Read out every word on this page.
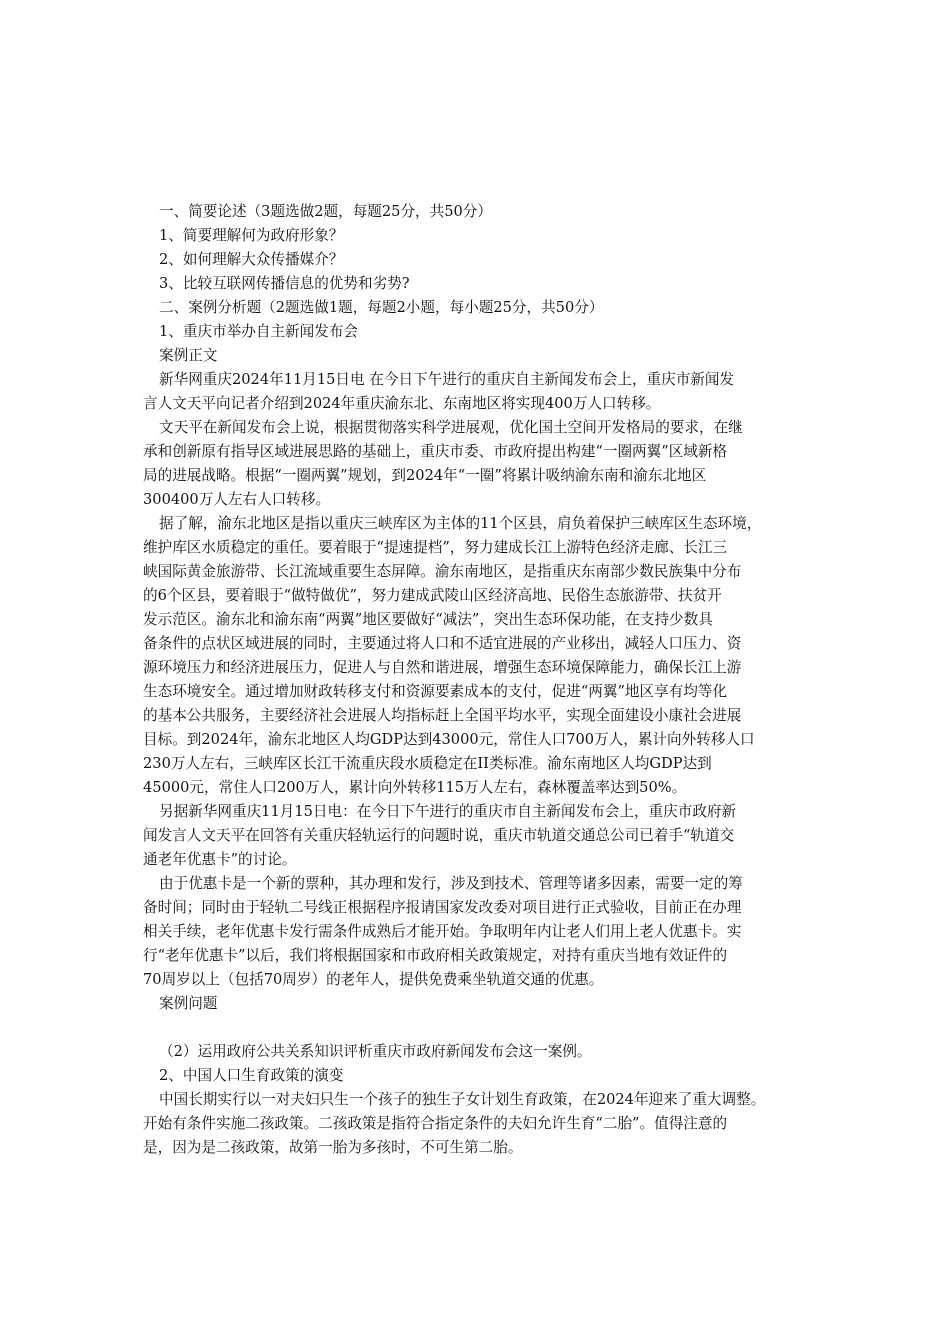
一、简要论述（3题选做2题，每题25分，共50分）
1、简要理解何为政府形象？
2、如何理解大众传播媒介？
3、比较互联网传播信息的优势和劣势?
二、案例分析题（2题选做1题，每题2小题，每小题25分，共50分）
1、重庆市举办自主新闻发布会
案例正文
新华网重庆2024年11月15日电 在今日下午进行的重庆自主新闻发布会上，重庆市新闻发
言人文天平向记者介绍到2024年重庆渝东北、东南地区将实现400万人口转移。
文天平在新闻发布会上说，根据贯彻落实科学进展观，优化国土空间开发格局的要求，在继
承和创新原有指导区域进展思路的基础上，重庆市委、市政府提出构建“一圈两翼”区域新格
局的进展战略。根据“一圈两翼”规划，到2024年“一圈”将累计吸纳渝东南和渝东北地区
300400万人左右人口转移。
据了解，渝东北地区是指以重庆三峡库区为主体的11个区县，肩负着保护三峡库区生态环境，
维护库区水质稳定的重任。要着眼于“提速提档”，努力建成长江上游特色经济走廊、长江三
峡国际黄金旅游带、长江流域重要生态屏障。渝东南地区，是指重庆东南部少数民族集中分布
的6个区县，要着眼于“做特做优”，努力建成武陵山区经济高地、民俗生态旅游带、扶贫开
发示范区。渝东北和渝东南“两翼”地区要做好“减法”，突出生态环保功能，在支持少数具
备条件的点状区域进展的同时，主要通过将人口和不适宜进展的产业移出，减轻人口压力、资
源环境压力和经济进展压力，促进人与自然和谐进展，增强生态环境保障能力，确保长江上游
生态环境安全。通过增加财政转移支付和资源要素成本的支付，促进“两翼”地区享有均等化
的基本公共服务，主要经济社会进展人均指标赶上全国平均水平，实现全面建设小康社会进展
目标。到2024年，渝东北地区人均GDP达到43000元，常住人口700万人，累计向外转移人口
230万人左右，三峡库区长江干流重庆段水质稳定在II类标准。渝东南地区人均GDP达到
45000元，常住人口200万人，累计向外转移115万人左右，森林覆盖率达到50%。
另据新华网重庆11月15日电：在今日下午进行的重庆市自主新闻发布会上，重庆市政府新
闻发言人文天平在回答有关重庆轻轨运行的问题时说，重庆市轨道交通总公司已着手“轨道交
通老年优惠卡”的讨论。
由于优惠卡是一个新的票种，其办理和发行，涉及到技术、管理等诸多因素，需要一定的筹
备时间；同时由于轻轨二号线正根据程序报请国家发改委对项目进行正式验收，目前正在办理
相关手续，老年优惠卡发行需条件成熟后才能开始。争取明年内让老人们用上老人优惠卡。实
行“老年优惠卡”以后，我们将根据国家和市政府相关政策规定，对持有重庆当地有效证件的
70周岁以上（包括70周岁）的老年人，提供免费乘坐轨道交通的优惠。
案例问题
（2）运用政府公共关系知识评析重庆市政府新闻发布会这一案例。
2、中国人口生育政策的演变
中国长期实行以一对夫妇只生一个孩子的独生子女计划生育政策，在2024年迎来了重大调整。
开始有条件实施二孩政策。二孩政策是指符合指定条件的夫妇允许生育“二胎”。值得注意的
是，因为是二孩政策，故第一胎为多孩时，不可生第二胎。
